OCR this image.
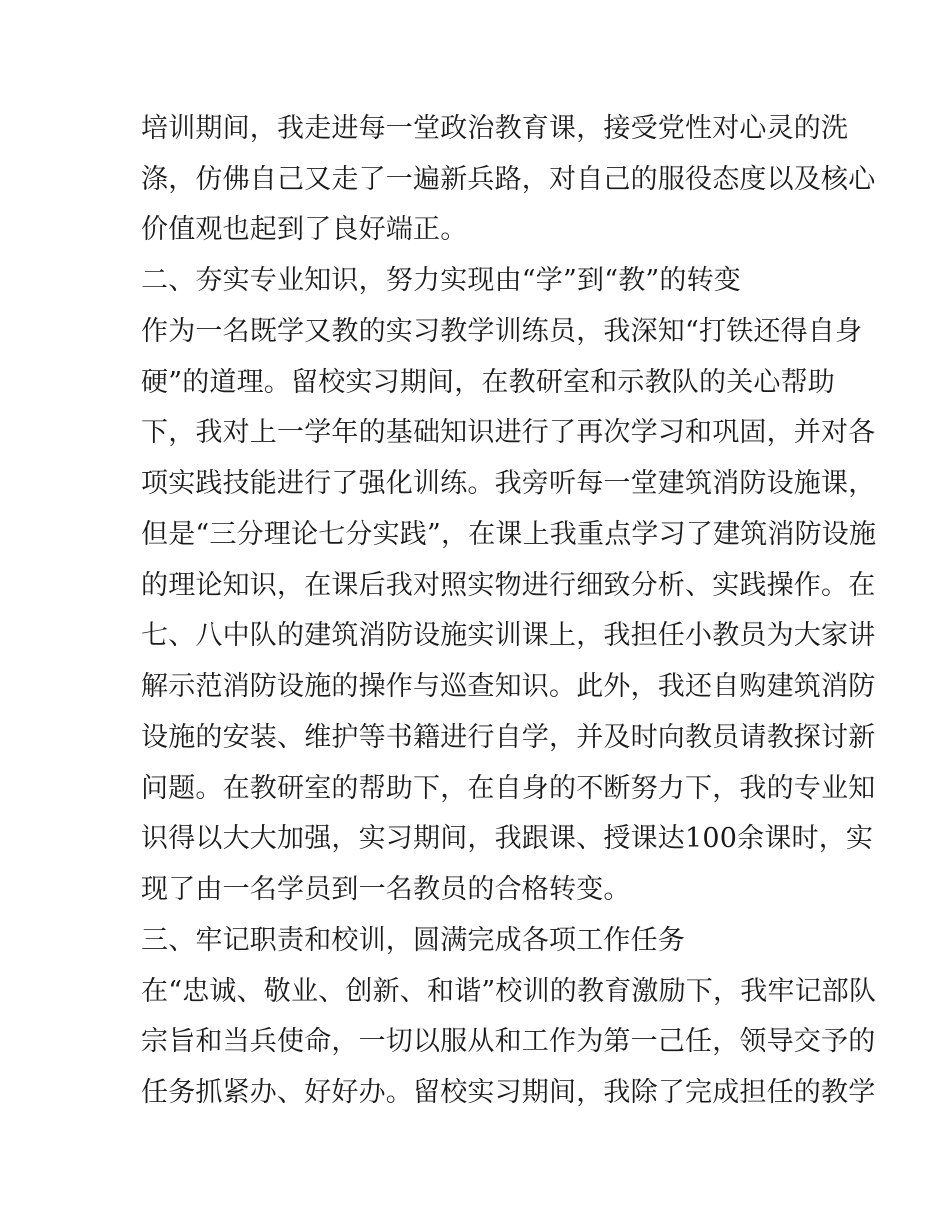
培训期间，我走进每一堂政治教育课，接受党性对心灵的洗
涤，仿佛自己又走了一遍新兵路，对自己的服役态度以及核心
价值观也起到了良好端正。
二、夯实专业知识，努力实现由“学”到“教”的转变
作为一名既学又教的实习教学训练员，我深知“打铁还得自身
硬”的道理。留校实习期间，在教研室和示教队的关心帮助
下，我对上一学年的基础知识进行了再次学习和巩固，并对各
项实践技能进行了强化训练。我旁听每一堂建筑消防设施课，
但是“三分理论七分实践”，在课上我重点学习了建筑消防设施
的理论知识，在课后我对照实物进行细致分析、实践操作。在
七、八中队的建筑消防设施实训课上，我担任小教员为大家讲
解示范消防设施的操作与巡查知识。此外，我还自购建筑消防
设施的安装、维护等书籍进行自学，并及时向教员请教探讨新
问题。在教研室的帮助下，在自身的不断努力下，我的专业知
识得以大大加强，实习期间，我跟课、授课达100余课时，实
现了由一名学员到一名教员的合格转变。
三、牢记职责和校训，圆满完成各项工作任务
在“忠诚、敬业、创新、和谐”校训的教育激励下，我牢记部队
宗旨和当兵使命，一切以服从和工作为第一己任，领导交予的
任务抓紧办、好好办。留校实习期间，我除了完成担任的教学
